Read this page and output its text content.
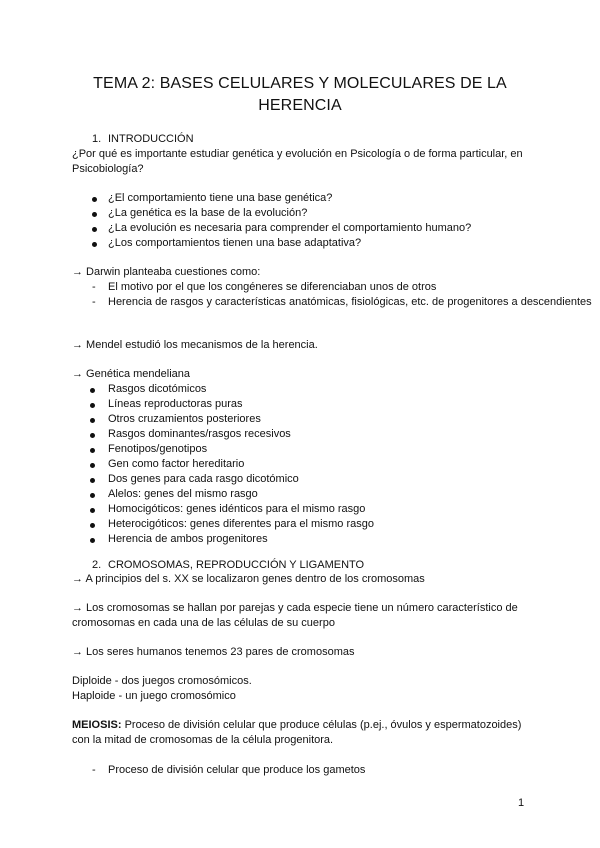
TEMA 2: BASES CELULARES Y MOLECULARES DE LA HERENCIA
1. INTRODUCCIÓN
¿Por qué es importante estudiar genética y evolución en Psicología o de forma particular, en Psicobiología?
¿El comportamiento tiene una base genética?
¿La genética es la base de la evolución?
¿La evolución es necesaria para comprender el comportamiento humano?
¿Los comportamientos tienen una base adaptativa?
→ Darwin planteaba cuestiones como:
- El motivo por el que los congéneres se diferenciaban unos de otros
- Herencia de rasgos y características anatómicas, fisiológicas, etc. de progenitores a descendientes
→ Mendel estudió los mecanismos de la herencia.
→ Genética mendeliana
Rasgos dicotómicos
Líneas reproductoras puras
Otros cruzamientos posteriores
Rasgos dominantes/rasgos recesivos
Fenotipos/genotipos
Gen como factor hereditario
Dos genes para cada rasgo dicotómico
Alelos: genes del mismo rasgo
Homocigóticos: genes idénticos para el mismo rasgo
Heterocigóticos: genes diferentes para el mismo rasgo
Herencia de ambos progenitores
2. CROMOSOMAS, REPRODUCCIÓN Y LIGAMENTO
→ A principios del s. XX se localizaron genes dentro de los cromosomas
→ Los cromosomas se hallan por parejas y cada especie tiene un número característico de cromosomas en cada una de las células de su cuerpo
→ Los seres humanos tenemos 23 pares de cromosomas
Diploide - dos juegos cromosómicos.
Haploide - un juego cromosómico
MEIOSIS: Proceso de división celular que produce células (p.ej., óvulos y espermatozoides) con la mitad de cromosomas de la célula progenitora.
- Proceso de división celular que produce los gametos
1
